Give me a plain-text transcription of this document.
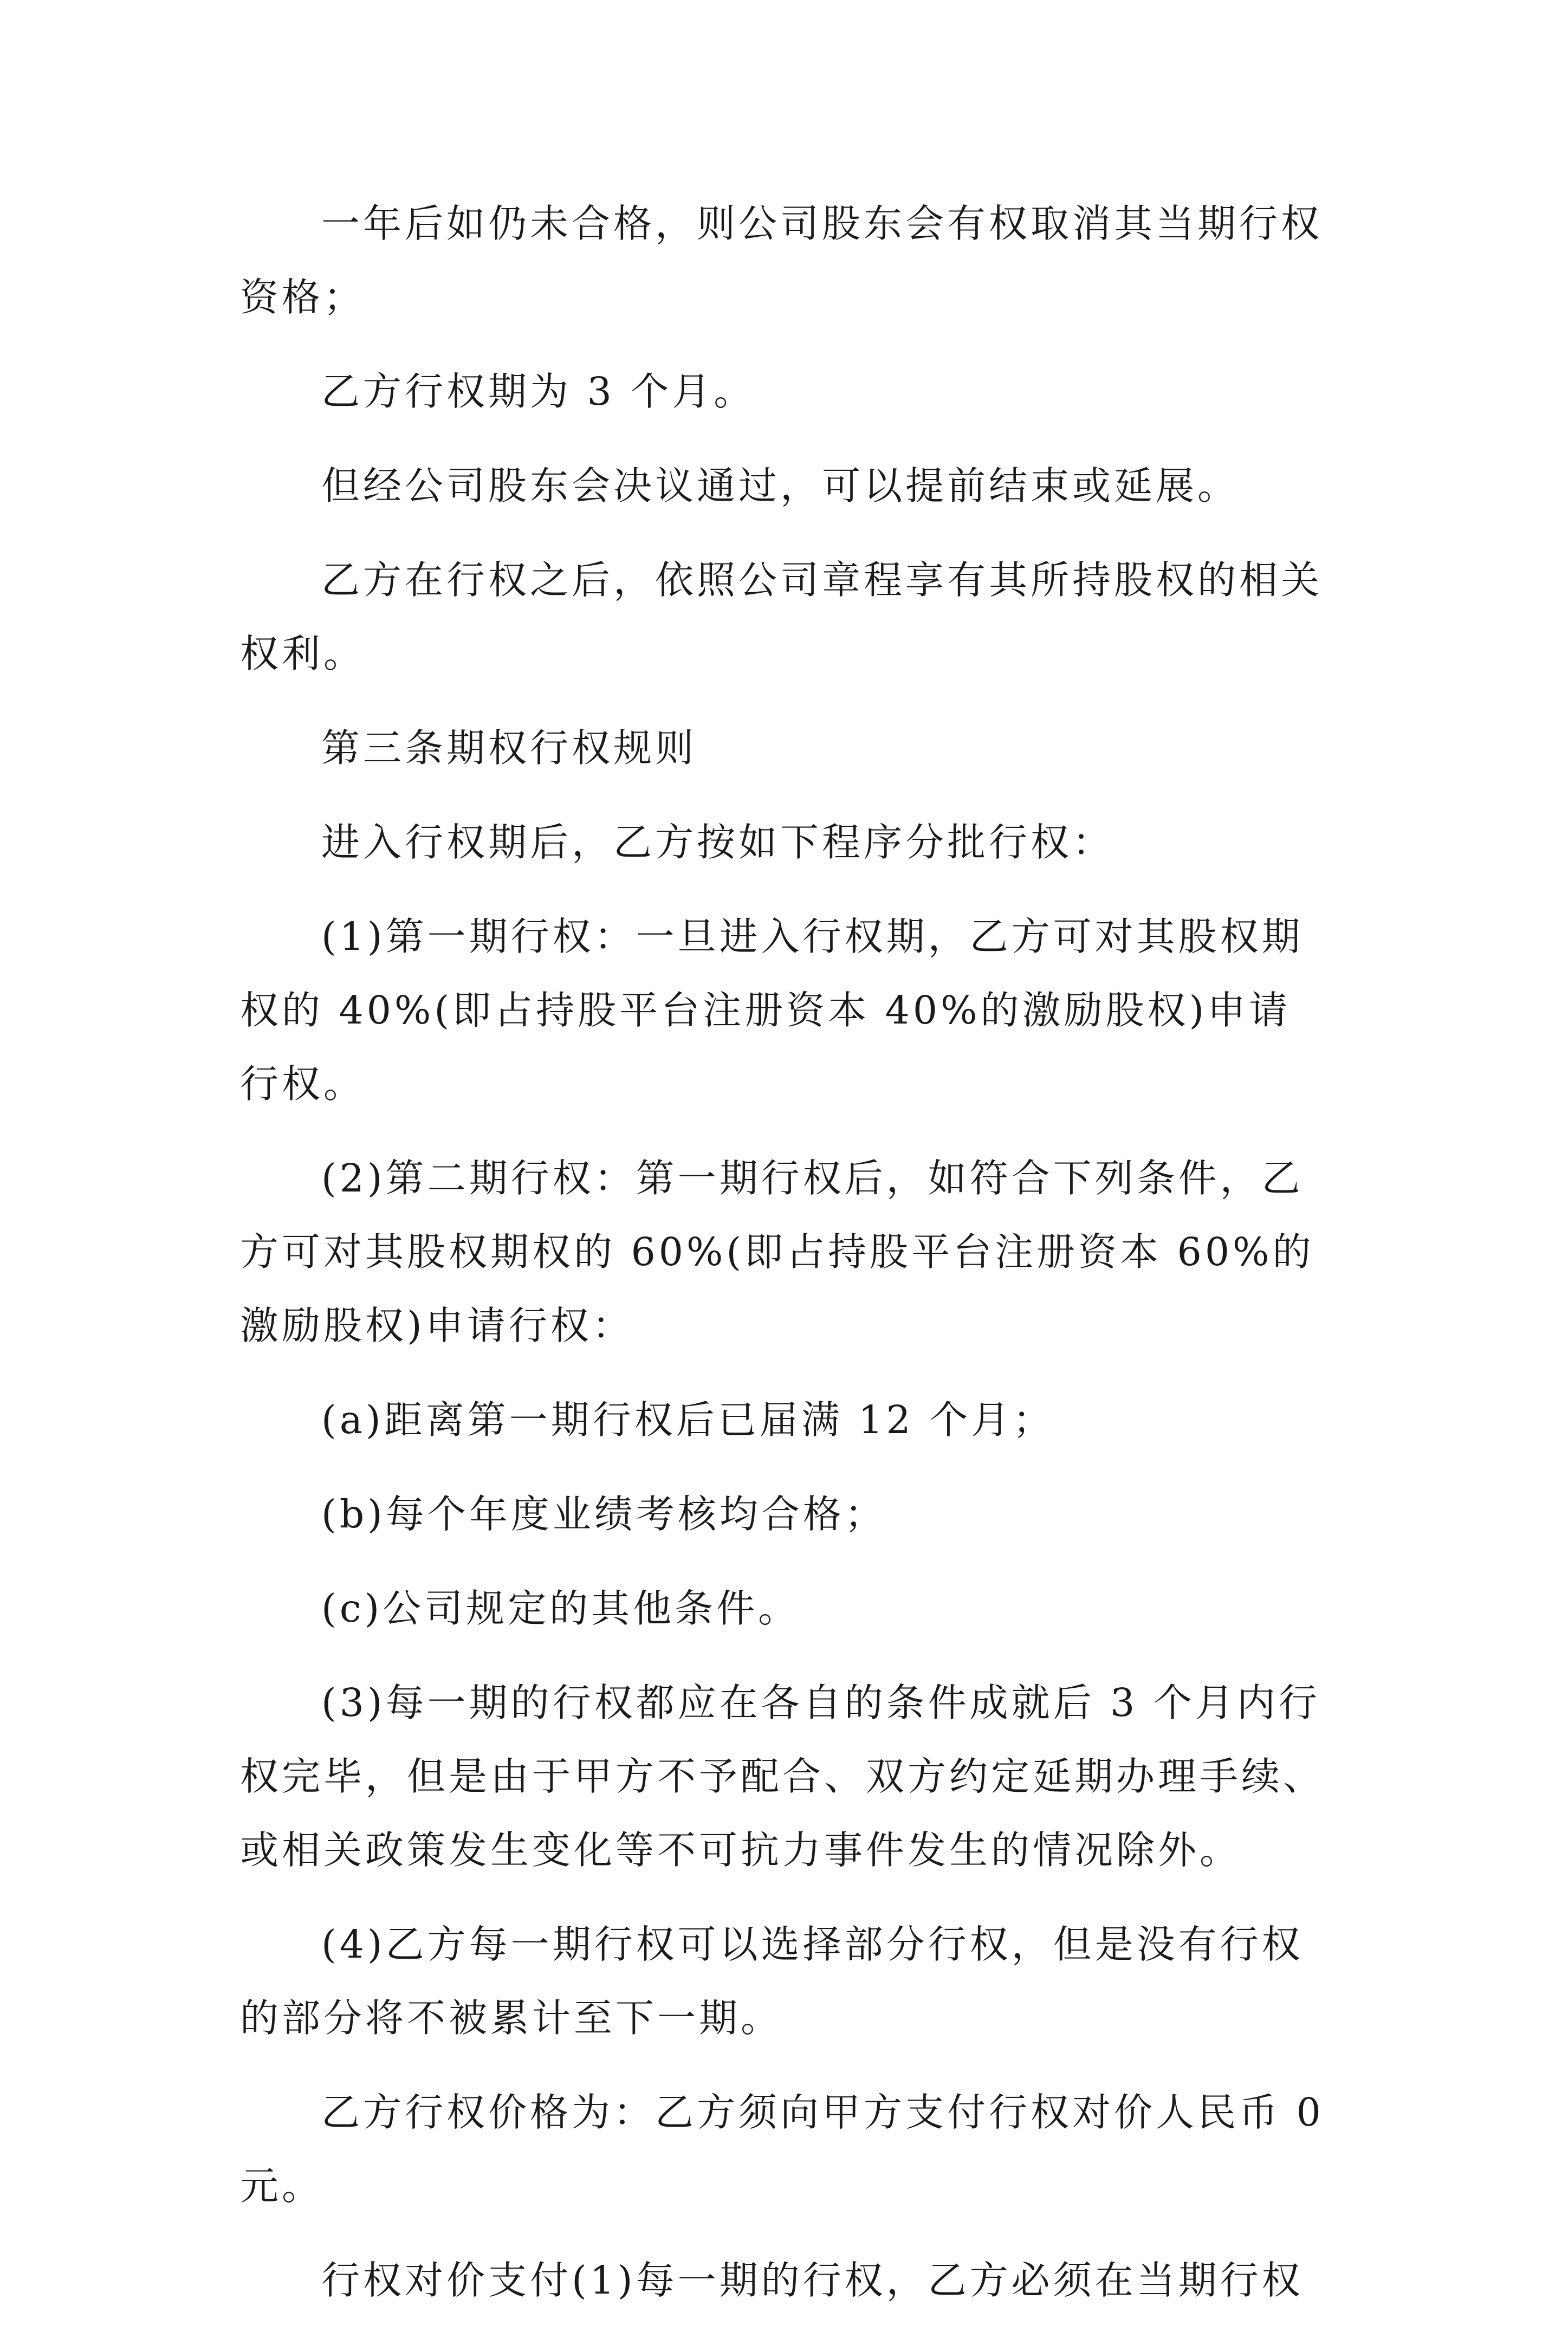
一年后如仍未合格，则公司股东会有权取消其当期行权资格；

乙方行权期为 3 个月。

但经公司股东会决议通过，可以提前结束或延展。

乙方在行权之后，依照公司章程享有其所持股权的相关权利。

第三条期权行权规则

进入行权期后，乙方按如下程序分批行权：

(1)第一期行权：一旦进入行权期，乙方可对其股权期权的 40%(即占持股平台注册资本 40%的激励股权)申请行权。

(2)第二期行权：第一期行权后，如符合下列条件，乙方可对其股权期权的 60%(即占持股平台注册资本 60%的激励股权)申请行权：

(a)距离第一期行权后已届满 12 个月；

(b)每个年度业绩考核均合格；

(c)公司规定的其他条件。

(3)每一期的行权都应在各自的条件成就后 3 个月内行权完毕，但是由于甲方不予配合、双方约定延期办理手续、或相关政策发生变化等不可抗力事件发生的情况除外。

(4)乙方每一期行权可以选择部分行权，但是没有行权的部分将不被累计至下一期。

乙方行权价格为：乙方须向甲方支付行权对价人民币 0 元。

行权对价支付(1)每一期的行权，乙方必须在当期行权
